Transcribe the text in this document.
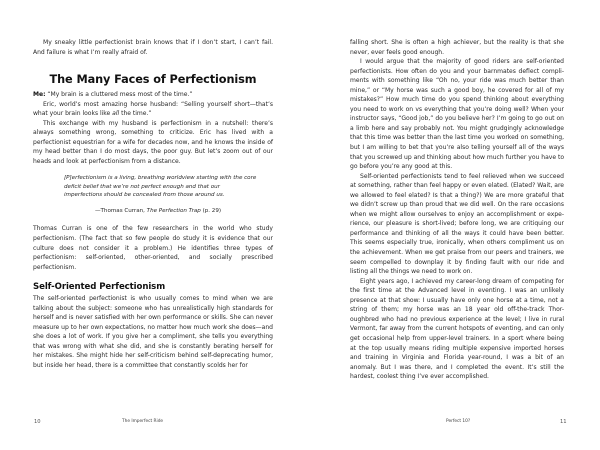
My sneaky little perfectionist brain knows that if I don’t start, I can’t fail. And failure is what I’m really afraid of.

The Many Faces of Perfectionism

Me: “My brain is a cluttered mess most of the time.”

Eric, world’s most amazing horse husband: “Selling yourself short—that’s what your brain looks like all the time.”

This exchange with my husband is perfectionism in a nutshell: there’s always something wrong, something to criticize. Eric has lived with a perfectionist equestrian for a wife for decades now, and he knows the inside of my head better than I do most days, the poor guy. But let’s zoom out of our heads and look at perfectionism from a distance.

[P]erfectionism is a living, breathing worldview starting with the core deficit belief that we’re not perfect enough and that our imperfections should be concealed from those around us.
—Thomas Curran, The Perfection Trap (p. 29)

Thomas Curran is one of the few researchers in the world who study perfectionism. (The fact that so few people do study it is evidence that our culture does not consider it a problem.) He identifies three types of perfectionism: self-oriented, other-oriented, and socially prescribed perfectionism.

Self-Oriented Perfectionism

The self-oriented perfectionist is who usually comes to mind when we are talking about the subject: someone who has unrealistically high standards for herself and is never satisfied with her own performance or skills. She can never measure up to her own expectations, no matter how much work she does—and she does a lot of work. If you give her a compliment, she tells you everything that was wrong with what she did, and she is constantly berating herself for her mistakes. She might hide her self-criticism behind self-deprecating humor, but inside her head, there is a committee that constantly scolds her for

10	The Imperfect Ride

falling short. She is often a high achiever, but the reality is that she never, ever feels good enough.

I would argue that the majority of good riders are self-oriented perfectionists. How often do you and your barnmates deflect compli-ments with something like “Oh no, your ride was much better than mine,” or “My horse was such a good boy, he covered for all of my mistakes?” How much time do you spend thinking about everything you need to work on vs everything that you’re doing well? When your instructor says, “Good job,” do you believe her? I’m going to go out on a limb here and say probably not. You might grudgingly acknowledge that this time was better than the last time you worked on something, but I am willing to bet that you’re also telling yourself all of the ways that you screwed up and thinking about how much further you have to go before you’re any good at this.

Self-oriented perfectionists tend to feel relieved when we succeed at something, rather than feel happy or even elated. (Elated? Wait, are we allowed to feel elated? Is that a thing?) We are more grateful that we didn’t screw up than proud that we did well. On the rare occasions when we might allow ourselves to enjoy an accomplishment or expe-rience, our pleasure is short-lived; before long, we are critiquing our performance and thinking of all the ways it could have been better. This seems especially true, ironically, when others compliment us on the achievement. When we get praise from our peers and trainers, we seem compelled to downplay it by finding fault with our ride and listing all the things we need to work on.

Eight years ago, I achieved my career-long dream of competing for the first time at the Advanced level in eventing. I was an unlikely presence at that show: I usually have only one horse at a time, not a string of them; my horse was an 18 year old off-the-track Thor-oughbred who had no previous experience at the level; I live in rural Vermont, far away from the current hotspots of eventing, and can only get occasional help from upper-level trainers. In a sport where being at the top usually means riding multiple expensive imported horses and training in Virginia and Florida year-round, I was a bit of an anomaly. But I was there, and I completed the event. It’s still the hardest, coolest thing I’ve ever accomplished.

Perfect 10?	11
